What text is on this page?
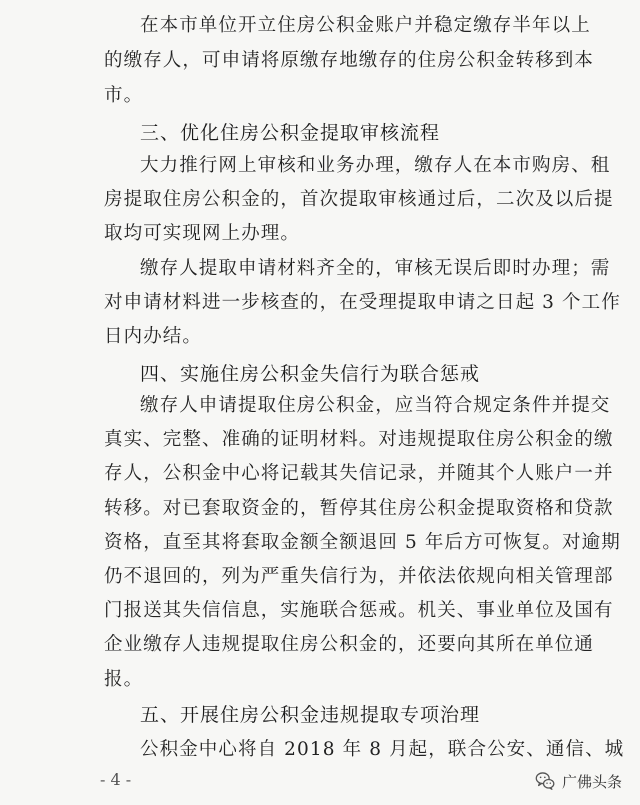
在本市单位开立住房公积金账户并稳定缴存半年以上
的缴存人，可申请将原缴存地缴存的住房公积金转移到本
市。
三、优化住房公积金提取审核流程
大力推行网上审核和业务办理，缴存人在本市购房、租
房提取住房公积金的，首次提取审核通过后，二次及以后提
取均可实现网上办理。
缴存人提取申请材料齐全的，审核无误后即时办理；需
对申请材料进一步核查的，在受理提取申请之日起 3 个工作
日内办结。
四、实施住房公积金失信行为联合惩戒
缴存人申请提取住房公积金，应当符合规定条件并提交
真实、完整、准确的证明材料。对违规提取住房公积金的缴
存人，公积金中心将记载其失信记录，并随其个人账户一并
转移。对已套取资金的，暂停其住房公积金提取资格和贷款
资格，直至其将套取金额全额退回 5 年后方可恢复。对逾期
仍不退回的，列为严重失信行为，并依法依规向相关管理部
门报送其失信信息，实施联合惩戒。机关、事业单位及国有
企业缴存人违规提取住房公积金的，还要向其所在单位通
报。
五、开展住房公积金违规提取专项治理
公积金中心将自 2018 年 8 月起，联合公安、通信、城
- 4 -	广佛头条
